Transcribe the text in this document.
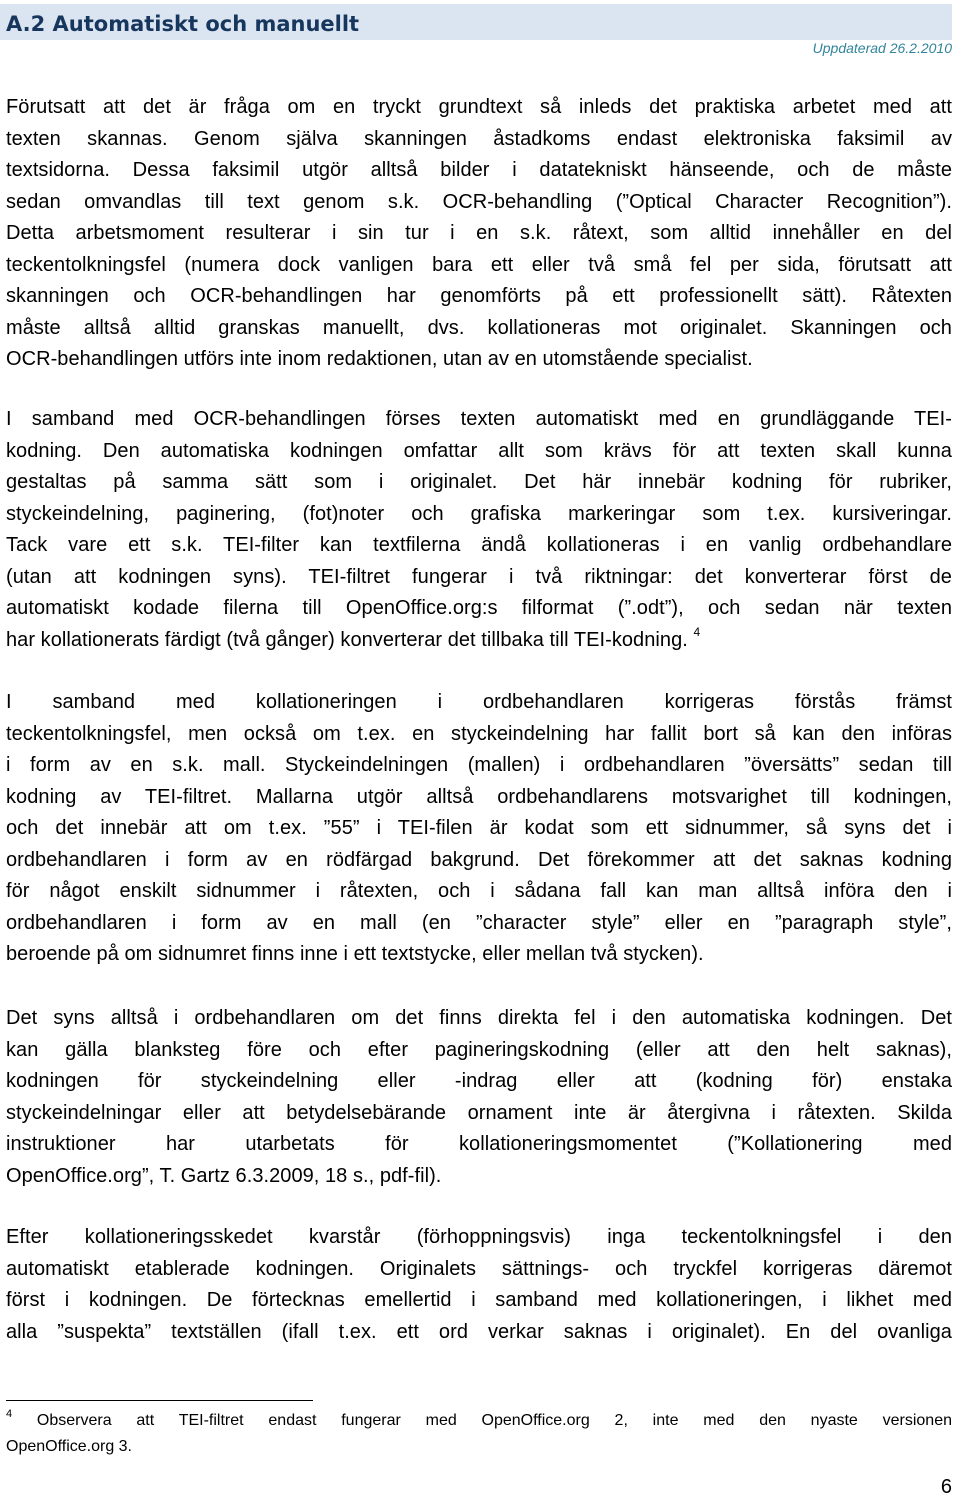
A.2 Automatiskt och manuellt
Uppdaterad 26.2.2010
Förutsatt att det är fråga om en tryckt grundtext så inleds det praktiska arbetet med att
texten skannas. Genom själva skanningen åstadkoms endast elektroniska faksimil av
textsidorna. Dessa faksimil utgör alltså bilder i datatekniskt hänseende, och de måste
sedan omvandlas till text genom s.k. OCR-behandling (”Optical Character Recognition”).
Detta arbetsmoment resulterar i sin tur i en s.k. råtext, som alltid innehåller en del
teckentolkningsfel (numera dock vanligen bara ett eller två små fel per sida, förutsatt att
skanningen och OCR-behandlingen har genomförts på ett professionellt sätt). Råtexten
måste alltså alltid granskas manuellt, dvs. kollationeras mot originalet. Skanningen och
OCR-behandlingen utförs inte inom redaktionen, utan av en utomstående specialist.
I samband med OCR-behandlingen förses texten automatiskt med en grundläggande TEI-
kodning. Den automatiska kodningen omfattar allt som krävs för att texten skall kunna
gestaltas på samma sätt som i originalet. Det här innebär kodning för rubriker,
styckeindelning, paginering, (fot)noter och grafiska markeringar som t.ex. kursiveringar.
Tack vare ett s.k. TEI-filter kan textfilerna ändå kollationeras i en vanlig ordbehandlare
(utan att kodningen syns). TEI-filtret fungerar i två riktningar: det konverterar först de
automatiskt kodade filerna till OpenOffice.org:s filformat (”.odt”), och sedan när texten
har kollationerats färdigt (två gånger) konverterar det tillbaka till TEI-kodning. $^4$
I samband med kollationeringen i ordbehandlaren korrigeras förstås främst
teckentolkningsfel, men också om t.ex. en styckeindelning har fallit bort så kan den införas
i form av en s.k. mall. Styckeindelningen (mallen) i ordbehandlaren ”översätts” sedan till
kodning av TEI-filtret. Mallarna utgör alltså ordbehandlarens motsvarighet till kodningen,
och det innebär att om t.ex. ”55” i TEI-filen är kodat som ett sidnummer, så syns det i
ordbehandlaren i form av en rödfärgad bakgrund. Det förekommer att det saknas kodning
för något enskilt sidnummer i råtexten, och i sådana fall kan man alltså införa den i
ordbehandlaren i form av en mall (en ”character style” eller en ”paragraph style”,
beroende på om sidnumret finns inne i ett textstycke, eller mellan två stycken).
Det syns alltså i ordbehandlaren om det finns direkta fel i den automatiska kodningen. Det
kan gälla blanksteg före och efter pagineringskodning (eller att den helt saknas),
kodningen för styckeindelning eller -indrag eller att (kodning för) enstaka
styckeindelningar eller att betydelsebärande ornament inte är återgivna i råtexten. Skilda
instruktioner har utarbetats för kollationeringsmomentet (”Kollationering med
OpenOffice.org”, T. Gartz 6.3.2009, 18 s., pdf-fil).
Efter kollationeringsskedet kvarstår (förhoppningsvis) inga teckentolkningsfel i den
automatiskt etablerade kodningen. Originalets sättnings- och tryckfel korrigeras däremot
först i kodningen. De förtecknas emellertid i samband med kollationeringen, i likhet med
alla ”suspekta” textställen (ifall t.ex. ett ord verkar saknas i originalet). En del ovanliga
$^4$ Observera att TEI-filtret endast fungerar med OpenOffice.org 2, inte med den nyaste versionen
OpenOffice.org 3.
6
